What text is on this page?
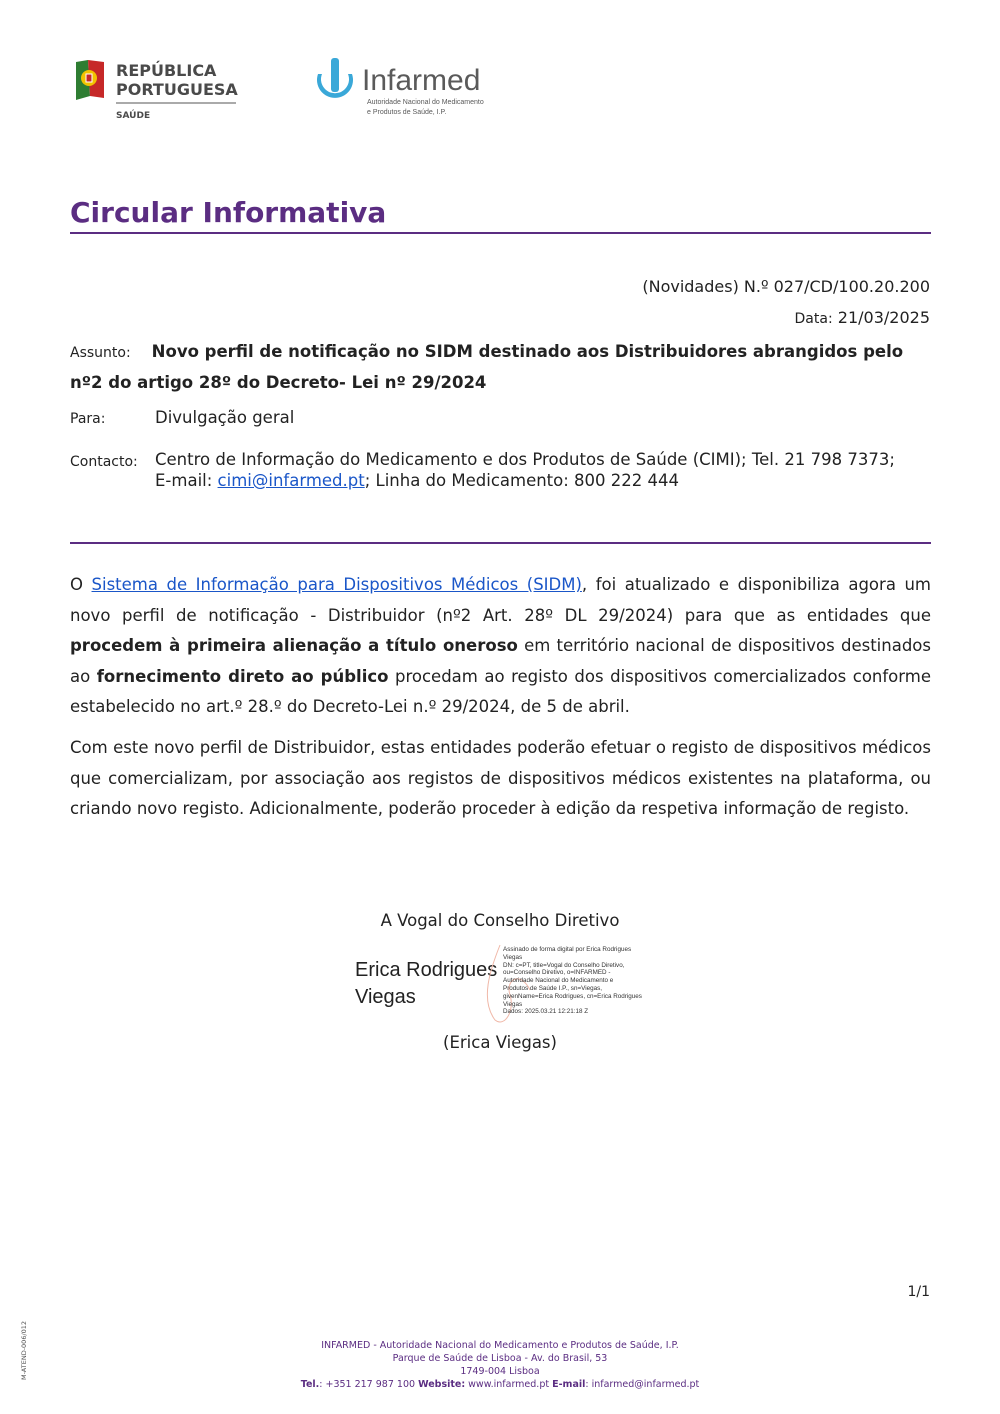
REPÚBLICA
PORTUGUESA
SAÚDE
Infarmed
Autoridade Nacional do Medicamento
e Produtos de Saúde, I.P.
Circular Informativa
(Novidades) N.º 027/CD/100.20.200
Data: 21/03/2025
Assunto: Novo perfil de notificação no SIDM destinado aos Distribuidores abrangidos pelo nº2 do artigo 28º do Decreto- Lei nº 29/2024
Para:	Divulgação geral
Contacto: Centro de Informação do Medicamento e dos Produtos de Saúde (CIMI); Tel. 21 798 7373;
E-mail: cimi@infarmed.pt; Linha do Medicamento: 800 222 444

O Sistema de Informação para Dispositivos Médicos (SIDM), foi atualizado e disponibiliza agora um novo perfil de notificação - Distribuidor (nº2 Art. 28º DL 29/2024) para que as entidades que procedem à primeira alienação a título oneroso em território nacional de dispositivos destinados ao fornecimento direto ao público procedam ao registo dos dispositivos comercializados conforme estabelecido no art.º 28.º do Decreto-Lei n.º 29/2024, de 5 de abril.

Com este novo perfil de Distribuidor, estas entidades poderão efetuar o registo de dispositivos médicos que comercializam, por associação aos registos de dispositivos médicos existentes na plataforma, ou criando novo registo. Adicionalmente, poderão proceder à edição da respetiva informação de registo.

A Vogal do Conselho Diretivo
Erica Rodrigues
Viegas
Assinado de forma digital por Erica Rodrigues
Viegas
DN: c=PT, title=Vogal do Conselho Diretivo,
ou=Conselho Diretivo, o=INFARMED -
Autoridade Nacional do Medicamento e
Produtos de Saúde I.P., sn=Viegas,
givenName=Erica Rodrigues, cn=Erica Rodrigues
Viegas
Dados: 2025.03.21 12:21:18 Z
(Erica Viegas)
1/1
M-ATEND-006/012	INFARMED - Autoridade Nacional do Medicamento e Produtos de Saúde, I.P.
Parque de Saúde de Lisboa - Av. do Brasil, 53
1749-004 Lisboa
Tel.: +351 217 987 100 Website: www.infarmed.pt E-mail: infarmed@infarmed.pt
